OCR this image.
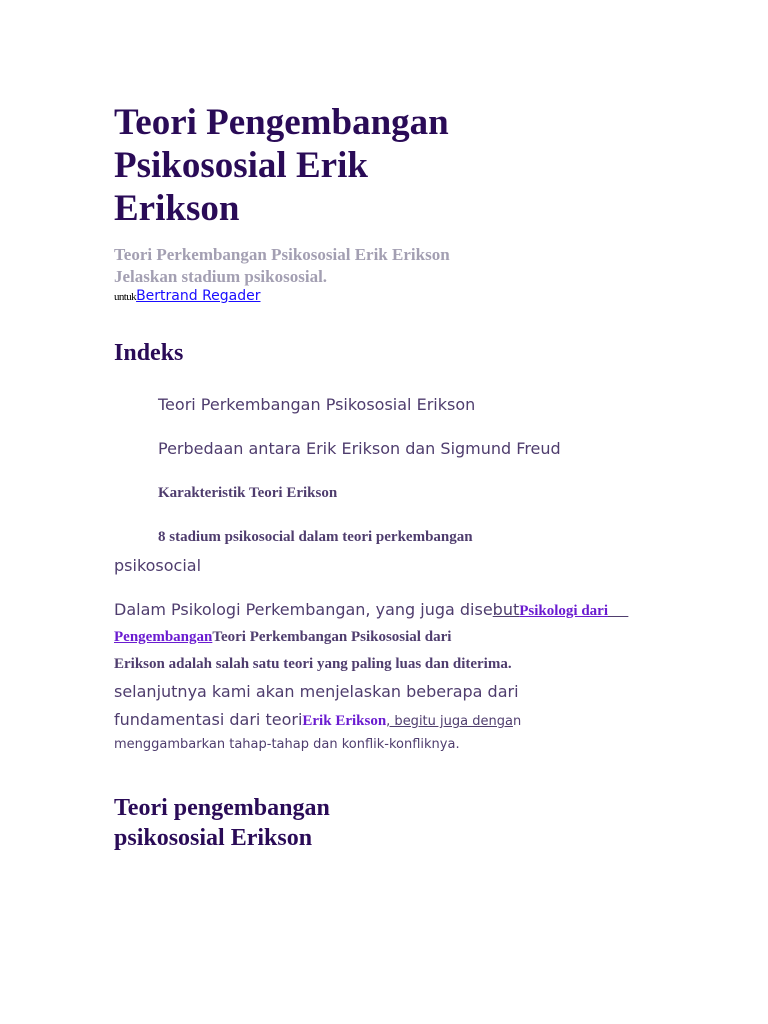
Teori Pengembangan Psikososial Erik Erikson
Teori Perkembangan Psikososial Erik Erikson Jelaskan stadium psikososial.
untukBertrand Regader
Indeks
Teori Perkembangan Psikososial Erikson
Perbedaan antara Erik Erikson dan Sigmund Freud
Karakteristik Teori Erikson
8 stadium psikosocial dalam teori perkembangan
psikosocial
Dalam Psikologi Perkembangan, yang juga disebutPsikologi dari
PengembanganTeori Perkembangan Psikososial dari
Erikson adalah salah satu teori yang paling luas dan diterima.
selanjutnya kami akan menjelaskan beberapa dari
fundamentasi dari teoriErik Erikson, begitu juga dengan
menggambarkan tahap-tahap dan konflik-konfliknya.
Teori pengembangan psikososial Erikson
